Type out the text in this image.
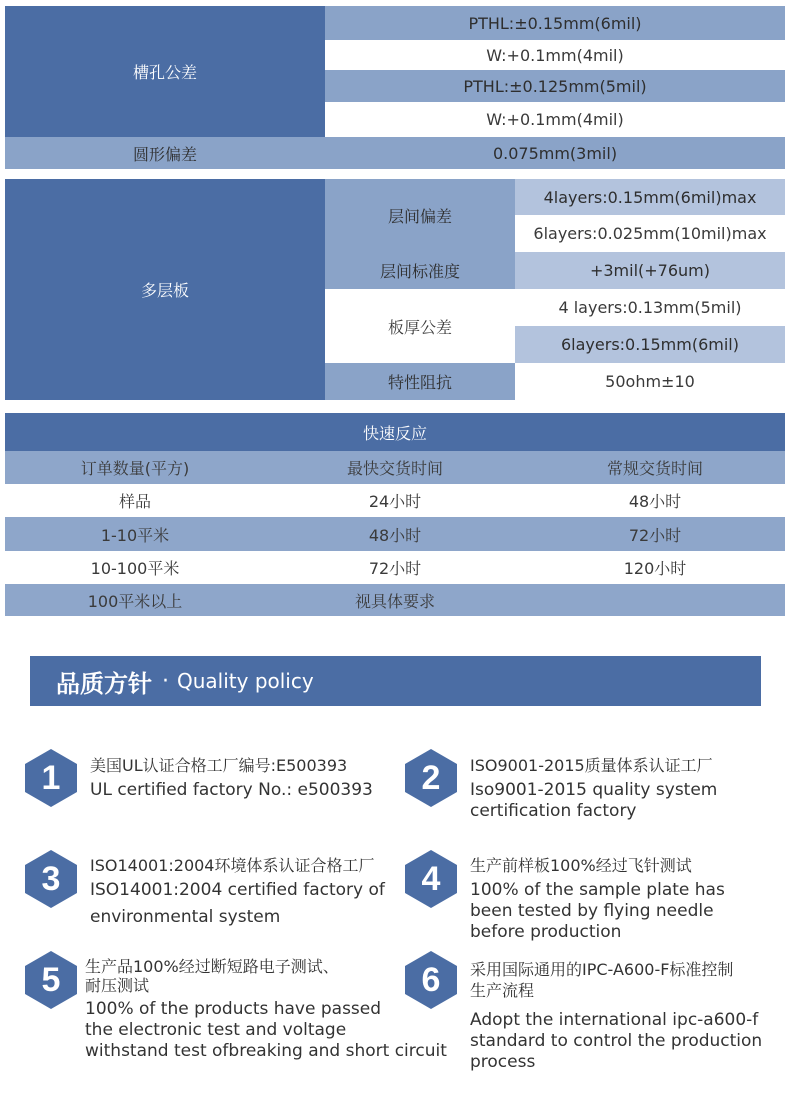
槽孔公差
PTHL:±0.15mm(6mil)
W:+0.1mm(4mil)
PTHL:±0.125mm(5mil)
W:+0.1mm(4mil)
圆形偏差	0.075mm(3mil)
多层板
层间偏差
4layers:0.15mm(6mil)max
6layers:0.025mm(10mil)max
层间标准度	+3mil(+76um)
板厚公差
4 layers:0.13mm(5mil)
6layers:0.15mm(6mil)
特性阻抗	50ohm±10
快速反应
订单数量(平方)	最快交货时间	常规交货时间
样品	24小时	48小时
1-10平米	48小时	72小时
10-100平米	72小时	120小时
100平米以上	视具体要求
品质方针 · Quality policy
1 美国UL认证合格工厂编号:E500393
UL certified factory No.: e500393 2 ISO9001-2015质量体系认证工厂
Iso9001-2015 quality system
certification factory
3 ISO14001:2004环境体系认证合格工厂
ISO14001:2004 certified factory of
environmental system
4 生产前样板100%经过飞针测试
100% of the sample plate has
been tested by flying needle
before production
5 生产品100%经过断短路电子测试、
耐压测试
100% of the products have passed
the electronic test and voltage
withstand test ofbreaking and short circuit
6 采用国际通用的IPC-A600-F标准控制
生产流程
Adopt the international ipc-a600-f
standard to control the production
process
